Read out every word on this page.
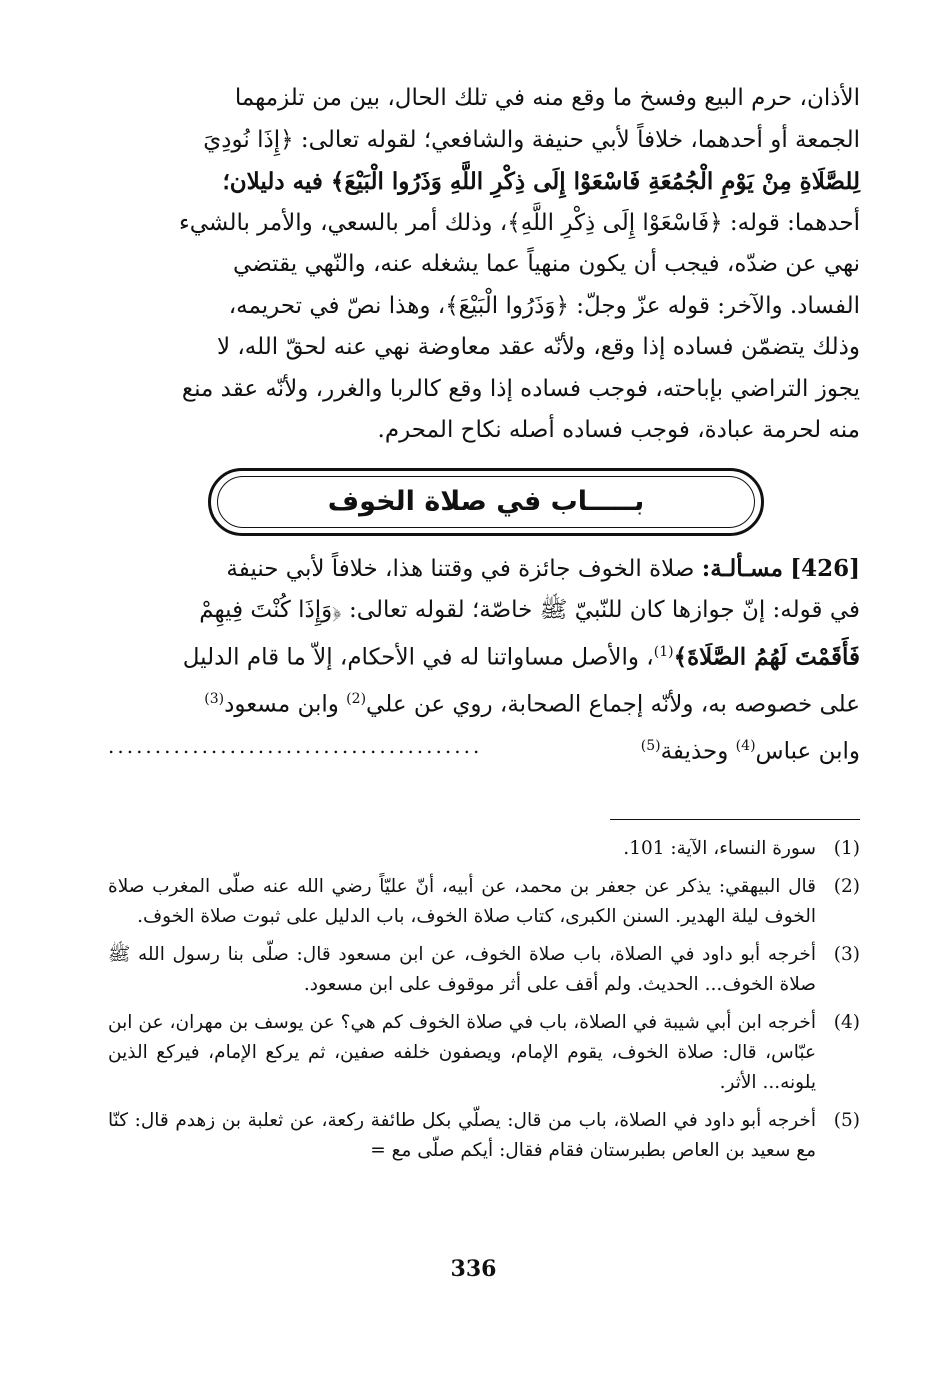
الأذان، حرم البيع وفسخ ما وقع منه في تلك الحال، بين من تلزمهما
الجمعة أو أحدهما، خلافاً لأبي حنيفة والشافعي؛ لقوله تعالى: ﴿إِذَا نُودِيَ
لِلصَّلَاةِ مِنْ يَوْمِ الْجُمُعَةِ فَاسْعَوْا إِلَى ذِكْرِ اللَّهِ وَذَرُوا الْبَيْعَ﴾ فيه دليلان؛
أحدهما: قوله: ﴿فَاسْعَوْا إِلَى ذِكْرِ اللَّهِ﴾، وذلك أمر بالسعي، والأمر بالشيء
نهي عن ضدّه، فيجب أن يكون منهياً عما يشغله عنه، والنّهي يقتضي
الفساد. والآخر: قوله عزّ وجلّ: ﴿وَذَرُوا الْبَيْعَ﴾، وهذا نصّ في تحريمه،
وذلك يتضمّن فساده إذا وقع، ولأنّه عقد معاوضة نهي عنه لحقّ الله، لا
يجوز التراضي بإباحته، فوجب فساده إذا وقع كالربا والغرر، ولأنّه عقد منع
منه لحرمة عبادة، فوجب فساده أصله نكاح المحرم.
بـــــاب في صلاة الخوف
[426] مسـألـة: صلاة الخوف جائزة في وقتنا هذا، خلافاً لأبي حنيفة
في قوله: إنّ جوازها كان للنّبيّ ﷺ خاصّة؛ لقوله تعالى: ﴿وَإِذَا كُنْتَ فِيهِمْ
فَأَقَمْتَ لَهُمُ الصَّلَاةَ﴾$^{(1)}$، والأصل مساواتنا له في الأحكام، إلاّ ما قام الدليل
على خصوصه به، ولأنّه إجماع الصحابة، روي عن علي$^{(2)}$ وابن مسعود$^{(3)}$
وابن عباس$^{(4)}$ وحذيفة$^{(5)}$
........................................
(1)
سورة النساء، الآية: 101.
(2)
قال البيهقي: يذكر عن جعفر بن محمد، عن أبيه، أنّ عليّاً رضي الله عنه صلّى المغرب صلاة الخوف ليلة الهدير. السنن الكبرى، كتاب صلاة الخوف، باب الدليل على ثبوت صلاة الخوف.
(3)
أخرجه أبو داود في الصلاة، باب صلاة الخوف، عن ابن مسعود قال: صلّى بنا رسول الله ﷺ صلاة الخوف... الحديث. ولم أقف على أثر موقوف على ابن مسعود.
(4)
أخرجه ابن أبي شيبة في الصلاة، باب في صلاة الخوف كم هي؟ عن يوسف بن مهران، عن ابن عبّاس، قال: صلاة الخوف، يقوم الإمام، ويصفون خلفه صفين، ثم يركع الإمام، فيركع الذين يلونه... الأثر.
(5)
أخرجه أبو داود في الصلاة، باب من قال: يصلّي بكل طائفة ركعة، عن ثعلبة بن زهدم قال: كنّا مع سعيد بن العاص بطبرستان فقام فقال: أيكم صلّى مع =
336
